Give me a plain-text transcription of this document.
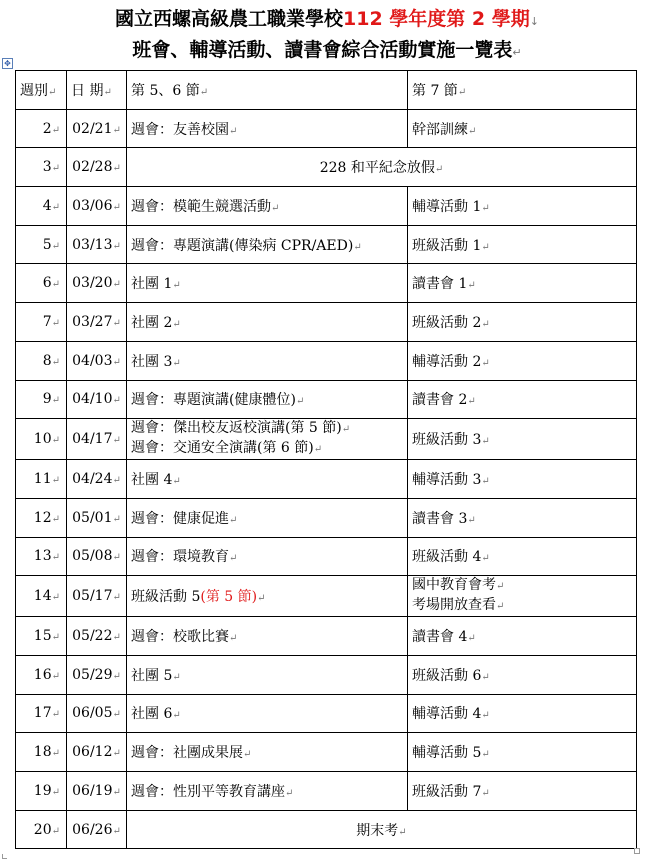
國立西螺高級農工職業學校112 學年度第 2 學期↓
班會、輔導活動、讀書會綜合活動實施一覽表↵
✥
週別↵	日 期↵	第 5、6 節↵	第 7 節↵
2↵	02/21↵	週會：友善校園↵	幹部訓練↵
3↵	02/28↵	228 和平紀念放假↵	
4↵	03/06↵	週會：模範生競選活動↵	輔導活動 1↵
5↵	03/13↵	週會：專題演講(傳染病 CPR/AED)↵	班級活動 1↵
6↵	03/20↵	社團 1↵	讀書會 1↵
7↵	03/27↵	社團 2↵	班級活動 2↵
8↵	04/03↵	社團 3↵	輔導活動 2↵
9↵	04/10↵	週會：專題演講(健康體位)↵	讀書會 2↵
10↵	04/17↵	週會：傑出校友返校演講(第 5 節)↵
週會：交通安全演講(第 6 節)↵	班級活動 3↵
11↵	04/24↵	社團 4↵	輔導活動 3↵
12↵	05/01↵	週會：健康促進↵	讀書會 3↵
13↵	05/08↵	週會：環境教育↵	班級活動 4↵
14↵	05/17↵	班級活動 5(第 5 節)↵	國中教育會考↵
考場開放查看↵
15↵	05/22↵	週會：校歌比賽↵	讀書會 4↵
16↵	05/29↵	社團 5↵	班級活動 6↵
17↵	06/05↵	社團 6↵	輔導活動 4↵
18↵	06/12↵	週會：社團成果展↵	輔導活動 5↵
19↵	06/19↵	週會：性別平等教育講座↵	班級活動 7↵
20↵	06/26↵	期末考↵	
